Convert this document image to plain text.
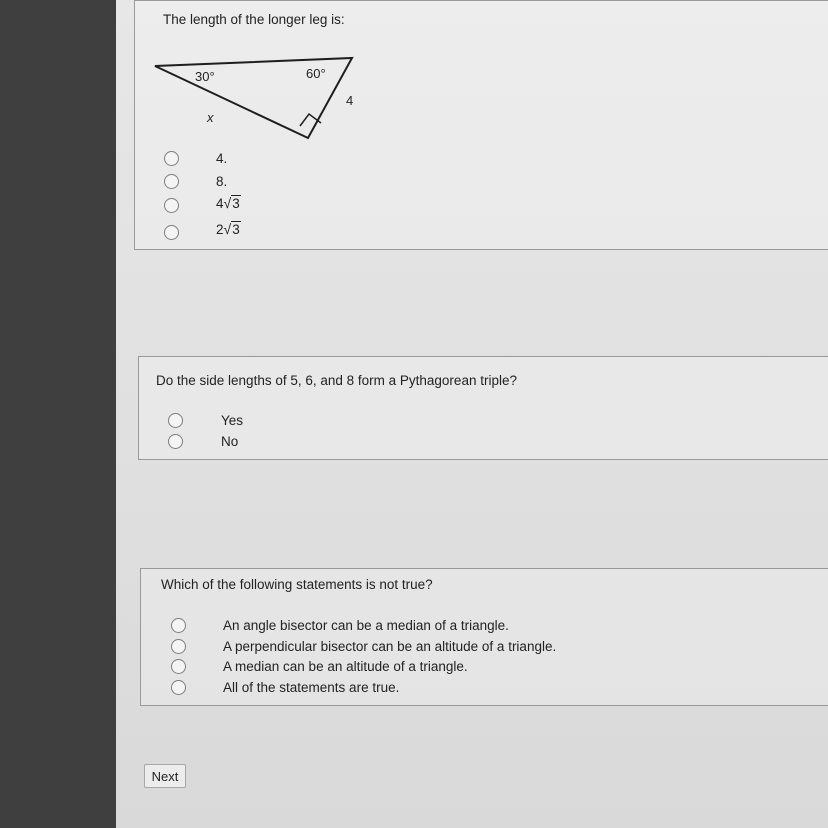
The length of the longer leg is:
30°	60°
4
x
4.
8.
4√3
2√3
Do the side lengths of 5, 6, and 8 form a Pythagorean triple?
Yes
No
Which of the following statements is not true?
An angle bisector can be a median of a triangle.
A perpendicular bisector can be an altitude of a triangle.
A median can be an altitude of a triangle.
All of the statements are true.
Next
